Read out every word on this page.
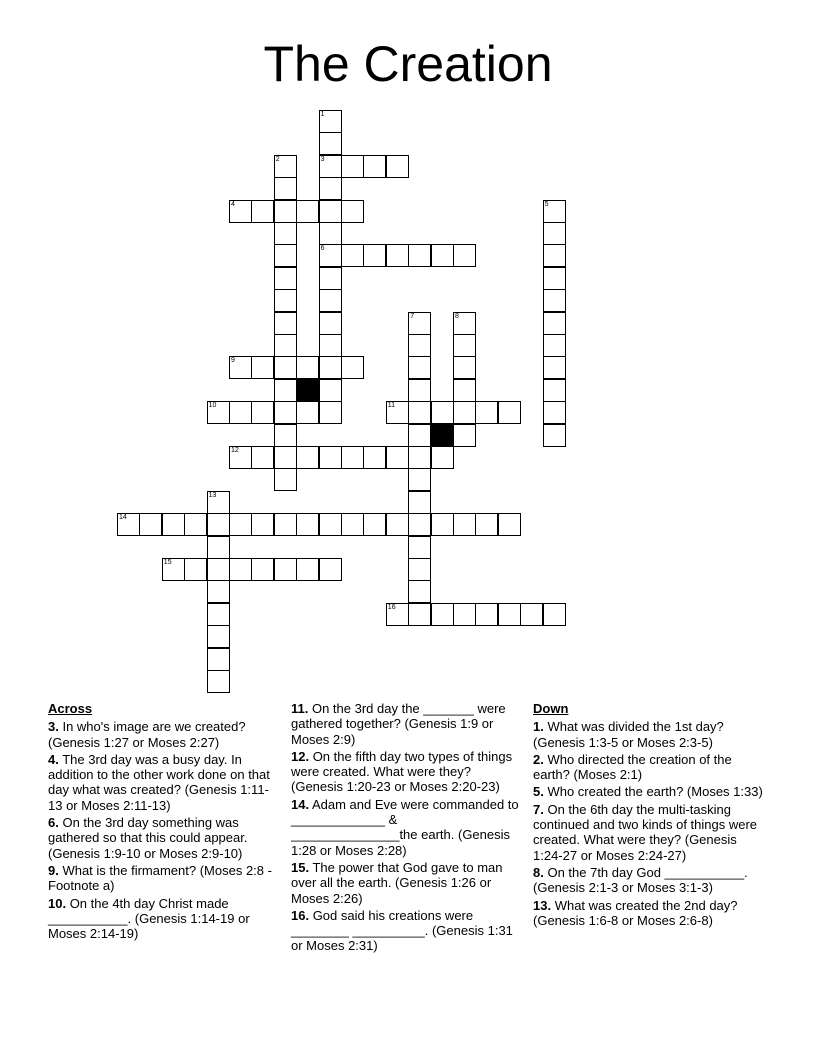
The Creation
1
3
6
2
4	5
7	8
9
10	11
12
13
14
15
16
Across
3. In who's image are we created? (Genesis 1:27 or Moses 2:27)
4. The 3rd day was a busy day. In addition to the other work done on that day what was created? (Genesis 1:11-13 or Moses 2:11-13)
6. On the 3rd day something was gathered so that this could appear. (Genesis 1:9-10 or Moses 2:9-10)
9. What is the firmament? (Moses 2:8 - Footnote a)
10. On the 4th day Christ made ___________. (Genesis 1:14-19 or Moses 2:14-19)
11. On the 3rd day the _______ were gathered together? (Genesis 1:9 or Moses 2:9)
12. On the fifth day two types of things were created. What were they? (Genesis 1:20-23 or Moses 2:20-23)
14. Adam and Eve were commanded to _____________ & _______________the earth. (Genesis 1:28 or Moses 2:28)
15. The power that God gave to man over all the earth. (Genesis 1:26 or Moses 2:26)
16. God said his creations were ________ __________. (Genesis 1:31 or Moses 2:31)
Down
1. What was divided the 1st day? (Genesis 1:3-5 or Moses 2:3-5)
2. Who directed the creation of the earth? (Moses 2:1)
5. Who created the earth? (Moses 1:33)
7. On the 6th day the multi-tasking continued and two kinds of things were created. What were they? (Genesis 1:24-27 or Moses 2:24-27)
8. On the 7th day God ___________. (Genesis 2:1-3 or Moses 3:1-3)
13. What was created the 2nd day? (Genesis 1:6-8 or Moses 2:6-8)
